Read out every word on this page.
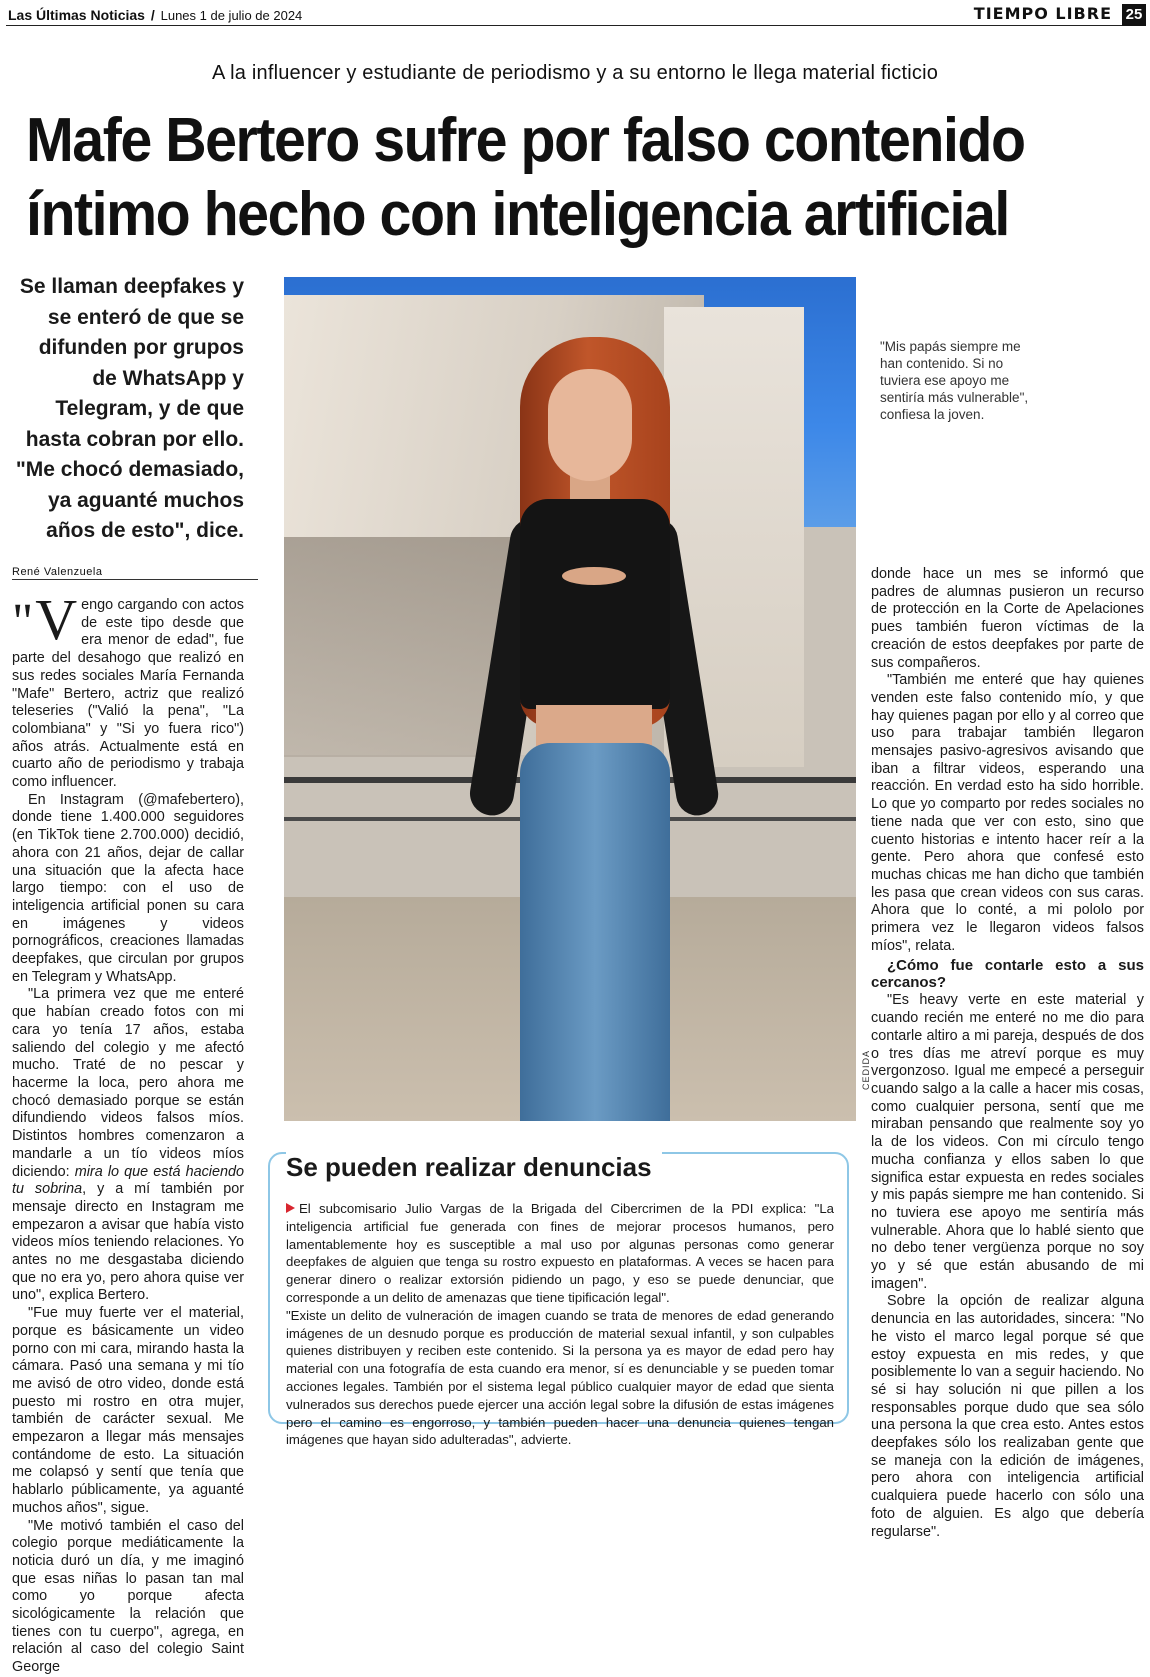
Las Últimas Noticias / Lunes 1 de julio de 2024	TIEMPO LIBRE 25
A la influencer y estudiante de periodismo y a su entorno le llega material ficticio
Mafe Bertero sufre por falso contenido
íntimo hecho con inteligencia artificial
Se llaman deepfakes y se enteró de que se difunden por grupos de WhatsApp y Telegram, y de que hasta cobran por ello. "Me chocó demasiado, ya aguanté muchos años de esto", dice.
CEDIDA
"Mis papás siempre me han contenido. Si no tuviera ese apoyo me sentiría más vulnerable", confiesa la joven.
René Valenzuela

"V engo cargando con actos de este tipo desde que era menor de edad", fue parte del desahogo que realizó en sus redes sociales María Fernanda "Mafe" Bertero, actriz que realizó teleseries ("Valió la pena", "La colombiana" y "Si yo fuera rico") años atrás. Actualmente está en cuarto año de periodismo y trabaja como influencer.

En Instagram (@mafebertero), donde tiene 1.400.000 seguidores (en TikTok tiene 2.700.000) decidió, ahora con 21 años, dejar de callar una situación que la afecta hace largo tiempo: con el uso de inteligencia artificial ponen su cara en imágenes y videos pornográficos, creaciones llamadas deepfakes, que circulan por grupos en Telegram y WhatsApp.

"La primera vez que me enteré que habían creado fotos con mi cara yo tenía 17 años, estaba saliendo del colegio y me afectó mucho. Traté de no pescar y hacerme la loca, pero ahora me chocó demasiado porque se están difundiendo videos falsos míos. Distintos hombres comenzaron a mandarle a un tío videos míos diciendo: mira lo que está haciendo tu sobrina, y a mí también por mensaje directo en Instagram me empezaron a avisar que había visto videos míos teniendo relaciones. Yo antes no me desgastaba diciendo que no era yo, pero ahora quise ver uno", explica Bertero.

"Fue muy fuerte ver el material, porque es básicamente un video porno con mi cara, mirando hasta la cámara. Pasó una semana y mi tío me avisó de otro video, donde está puesto mi rostro en otra mujer, también de carácter sexual. Me empezaron a llegar más mensajes contándome de esto. La situación me colapsó y sentí que tenía que hablarlo públicamente, ya aguanté muchos años", sigue.

"Me motivó también el caso del colegio porque mediáticamente la noticia duró un día, y me imaginó que esas niñas lo pasan tan mal como yo porque afecta sicológicamente la relación que tienes con tu cuerpo", agrega, en relación al caso del colegio Saint George

donde hace un mes se informó que padres de alumnas pusieron un recurso de protección en la Corte de Apelaciones pues también fueron víctimas de la creación de estos deepfakes por parte de sus compañeros.

"También me enteré que hay quienes venden este falso contenido mío, y que hay quienes pagan por ello y al correo que uso para trabajar también llegaron mensajes pasivo-agresivos avisando que iban a filtrar videos, esperando una reacción. En verdad esto ha sido horrible. Lo que yo comparto por redes sociales no tiene nada que ver con esto, sino que cuento historias e intento hacer reír a la gente. Pero ahora que confesé esto muchas chicas me han dicho que también les pasa que crean videos con sus caras. Ahora que lo conté, a mi pololo por primera vez le llegaron videos falsos míos", relata.

¿Cómo fue contarle esto a sus cercanos?

"Es heavy verte en este material y cuando recién me enteré no me dio para contarle altiro a mi pareja, después de dos o tres días me atreví porque es muy vergonzoso. Igual me empecé a perseguir cuando salgo a la calle a hacer mis cosas, como cualquier persona, sentí que me miraban pensando que realmente soy yo la de los videos. Con mi círculo tengo mucha confianza y ellos saben lo que significa estar expuesta en redes sociales y mis papás siempre me han contenido. Si no tuviera ese apoyo me sentiría más vulnerable. Ahora que lo hablé siento que no debo tener vergüenza porque no soy yo y sé que están abusando de mi imagen".

Sobre la opción de realizar alguna denuncia en las autoridades, sincera: "No he visto el marco legal porque sé que estoy expuesta en mis redes, y que posiblemente lo van a seguir haciendo. No sé si hay solución ni que pillen a los responsables porque dudo que sea sólo una persona la que crea esto. Antes estos deepfakes sólo los realizaban gente que se maneja con la edición de imágenes, pero ahora con inteligencia artificial cualquiera puede hacerlo con sólo una foto de alguien. Es algo que debería regularse".

Se pueden realizar denuncias

El subcomisario Julio Vargas de la Brigada del Cibercrimen de la PDI explica: "La inteligencia artificial fue generada con fines de mejorar procesos humanos, pero lamentablemente hoy es susceptible a mal uso por algunas personas como generar deepfakes de alguien que tenga su rostro expuesto en plataformas. A veces se hacen para generar dinero o realizar extorsión pidiendo un pago, y eso se puede denunciar, que corresponde a un delito de amenazas que tiene tipificación legal".

"Existe un delito de vulneración de imagen cuando se trata de menores de edad generando imágenes de un desnudo porque es producción de material sexual infantil, y son culpables quienes distribuyen y reciben este contenido. Si la persona ya es mayor de edad pero hay material con una fotografía de esta cuando era menor, sí es denunciable y se pueden tomar acciones legales. También por el sistema legal público cualquier mayor de edad que sienta vulnerados sus derechos puede ejercer una acción legal sobre la difusión de estas imágenes pero el camino es engorroso, y también pueden hacer una denuncia quienes tengan imágenes que hayan sido adulteradas", advierte.
